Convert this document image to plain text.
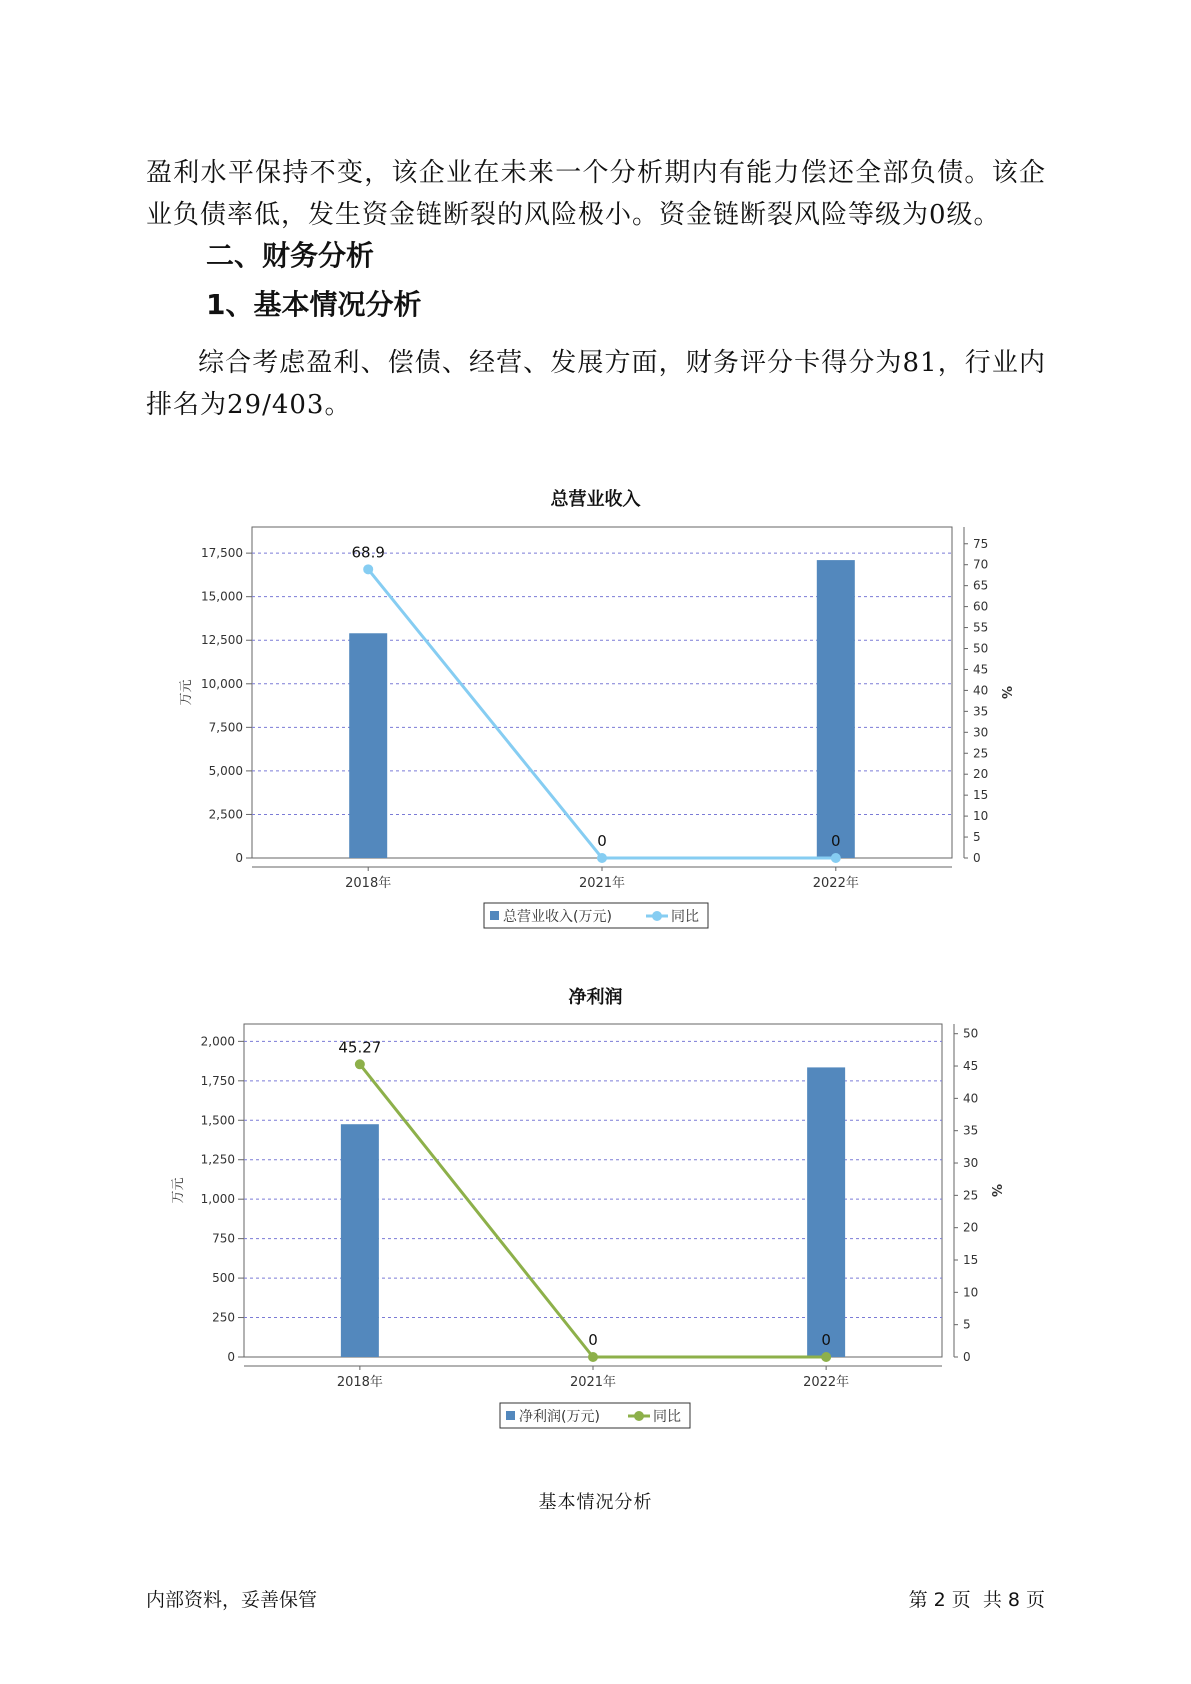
盈利水平保持不变，该企业在未来一个分析期内有能力偿还全部负债。该企业负债率低，发生资金链断裂的风险极小。资金链断裂风险等级为0级。

二、财务分析
1、基本情况分析

综合考虑盈利、偿债、经营、发展方面，财务评分卡得分为81，行业内排名为29/403。

总营业收入
0
2,500
5,000
7,500
10,000
12,500
15,000
17,500
0
5
10
15
20
25
30
35
40
45
50
55
60
65
70
75
万元	%
2018年	2021年	2022年
68.9
0	0
总营业收入(万元)	同比
净利润
0
250
500
750
1,000
1,250
1,500
1,750
2,000
0
5
10
15
20
25
30
35
40
45
50
万元	%
2018年	2021年	2022年
45.27
0	0
净利润(万元)	同比
基本情况分析
内部资料，妥善保管	第 2 页  共 8 页
